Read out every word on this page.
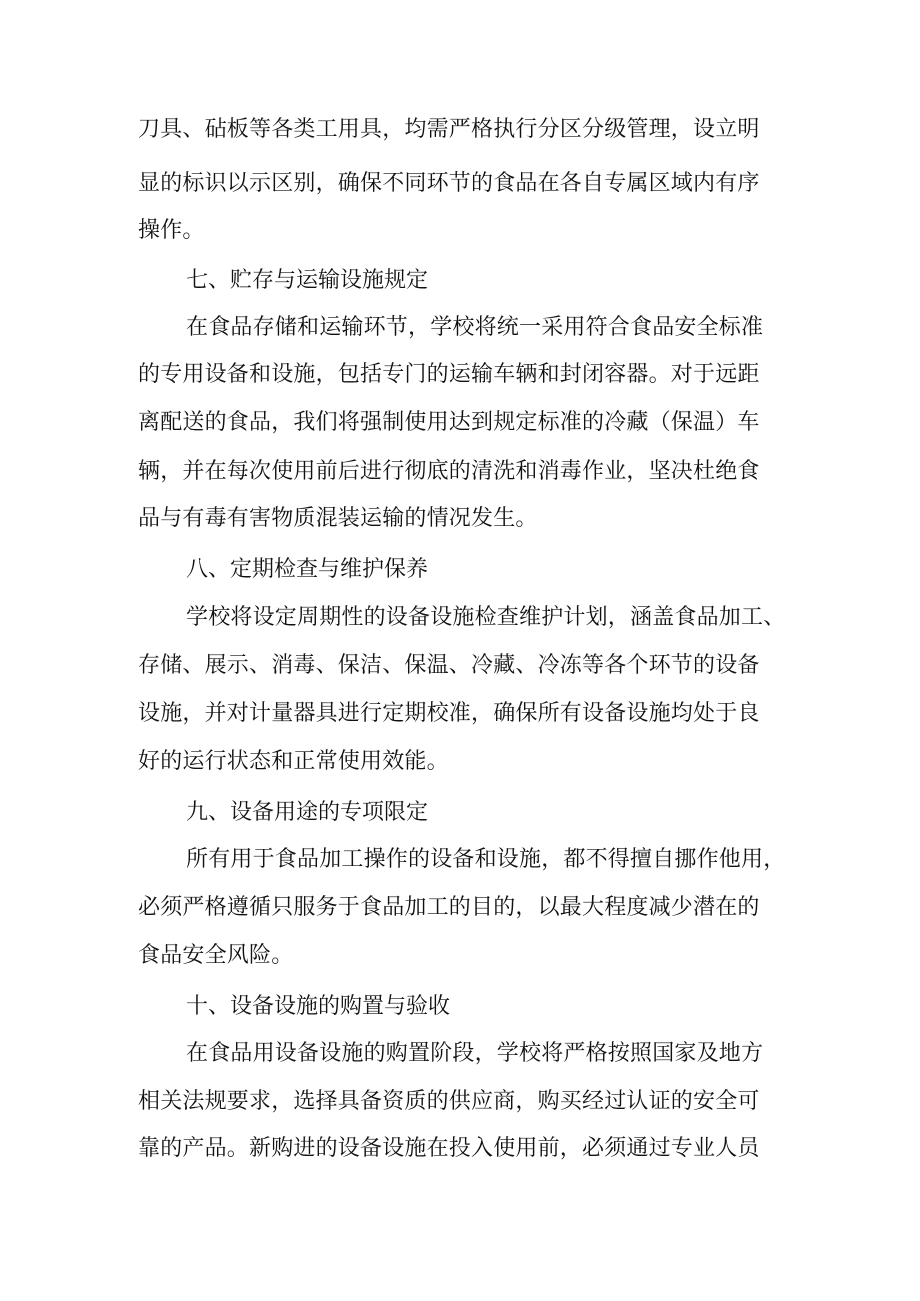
刀具、砧板等各类工用具，均需严格执行分区分级管理，设立明
显的标识以示区别，确保不同环节的食品在各自专属区域内有序
操作。
七、贮存与运输设施规定
在食品存储和运输环节，学校将统一采用符合食品安全标准
的专用设备和设施，包括专门的运输车辆和封闭容器。对于远距
离配送的食品，我们将强制使用达到规定标准的冷藏（保温）车
辆，并在每次使用前后进行彻底的清洗和消毒作业，坚决杜绝食
品与有毒有害物质混装运输的情况发生。
八、定期检查与维护保养
学校将设定周期性的设备设施检查维护计划，涵盖食品加工、
存储、展示、消毒、保洁、保温、冷藏、冷冻等各个环节的设备
设施，并对计量器具进行定期校准，确保所有设备设施均处于良
好的运行状态和正常使用效能。
九、设备用途的专项限定
所有用于食品加工操作的设备和设施，都不得擅自挪作他用，
必须严格遵循只服务于食品加工的目的，以最大程度减少潜在的
食品安全风险。
十、设备设施的购置与验收
在食品用设备设施的购置阶段，学校将严格按照国家及地方
相关法规要求，选择具备资质的供应商，购买经过认证的安全可
靠的产品。新购进的设备设施在投入使用前，必须通过专业人员
